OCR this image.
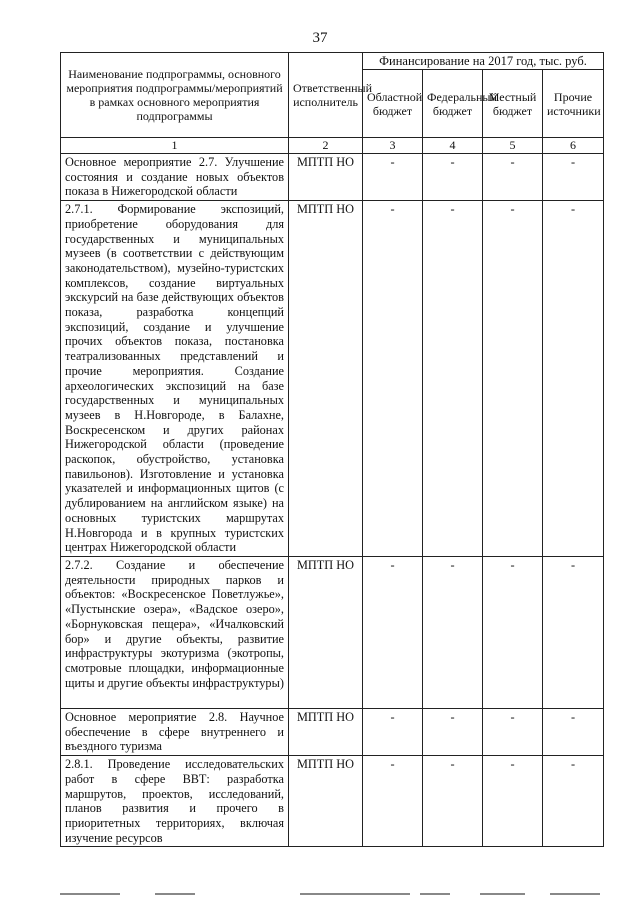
37
Наименование подпрограммы, основного мероприятия подпрограммы/мероприятий в рамках основного мероприятия подпрограммы	Ответственный исполнитель	Финансирование на 2017 год, тыс. руб.			
		Областной бюджет	Федеральный бюджет	Местный бюджет	Прочие источники
1	2	3	4	5	6
Основное мероприятие 2.7. Улучшение состояния и создание новых объектов показа в Нижегородской области	МПТП НО	-	-	-	-
2.7.1. Формирование экспозиций, приобретение оборудования для государственных и муниципальных музеев (в соответствии с действующим законодательством), музейно-туристских комплексов, создание виртуальных экскурсий на базе действующих объектов показа, разработка концепций экспозиций, создание и улучшение прочих объектов показа, постановка театрализованных представлений и прочие мероприятия. Создание археологических экспозиций на базе государственных и муниципальных музеев в Н.Новгороде, в Балахне, Воскресенском и других районах Нижегородской области (проведение раскопок, обустройство, установка павильонов). Изготовление и установка указателей и информационных щитов (с дублированием на английском языке) на основных туристских маршрутах Н.Новгорода и в крупных туристских центрах Нижегородской области	МПТП НО	-	-	-	-
2.7.2. Создание и обеспечение деятельности природных парков и объектов: «Воскресенское Поветлужье», «Пустынские озера», «Вадское озеро», «Борнуковская пещера», «Ичалковский бор» и другие объекты, развитие инфраструктуры экотуризма (экотропы, смотровые площадки, информационные щиты и другие объекты инфраструктуры)	МПТП НО	-	-	-	-
Основное мероприятие 2.8. Научное обеспечение в сфере внутреннего и въездного туризма	МПТП НО	-	-	-	-
2.8.1. Проведение исследовательских работ в сфере ВВТ: разработка маршрутов, проектов, исследований, планов развития и прочего в приоритетных территориях, включая изучение ресурсов	МПТП НО	-	-	-	-
